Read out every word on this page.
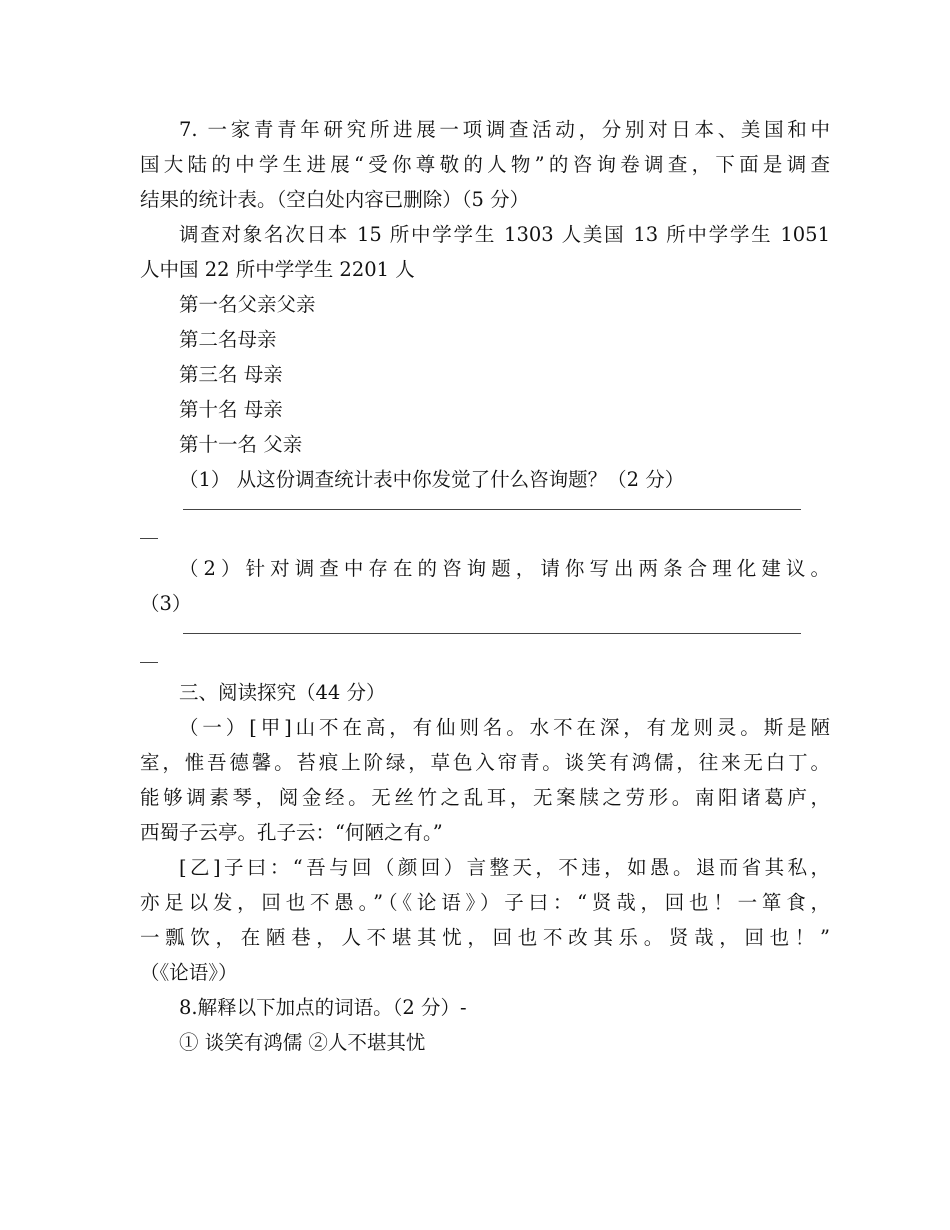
7. 一家青青年研究所进展一项调查活动，分别对日本、美国和中

国大陆的中学生进展“受你尊敬的人物”的咨询卷调查，下面是调查

结果的统计表。（空白处内容已删除）（5 分）

调查对象名次日本 15 所中学学生 1303 人美国 13 所中学学生 1051

人中国 22 所中学学生 2201 人

第一名父亲父亲

第二名母亲

第三名 母亲

第十名 母亲

第十一名 父亲

（1） 从这份调查统计表中你发觉了什么咨询题？（2 分）

（2）针对调查中存在的咨询题，请你写出两条合理化建议。

（3）

三、阅读探究（44 分）

（一）[甲]山不在高，有仙则名。水不在深，有龙则灵。斯是陋

室，惟吾德馨。苔痕上阶绿，草色入帘青。谈笑有鸿儒，往来无白丁。

能够调素琴，阅金经。无丝竹之乱耳，无案牍之劳形。南阳诸葛庐，

西蜀子云亭。孔子云：“何陋之有。”

[乙]子曰：“吾与回（颜回）言整天，不违，如愚。退而省其私，

亦足以发，回也不愚。”（《论语》）子曰：“贤哉，回也！一箪食，

一瓢饮，在陋巷，人不堪其忧，回也不改其乐。贤哉，回也！”

（《论语》）

8.解释以下加点的词语。（2 分）-

① 谈笑有鸿儒 ②人不堪其忧
